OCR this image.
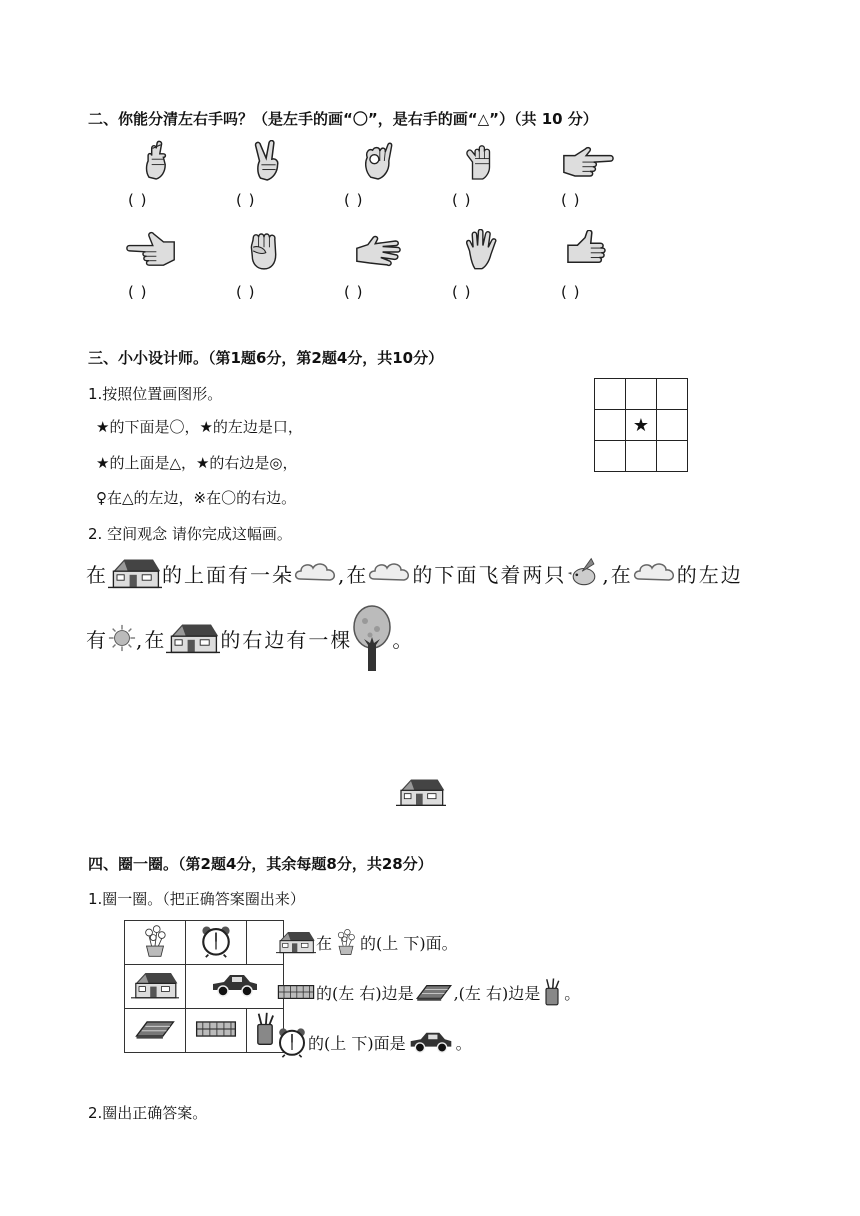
二、你能分清左右手吗？（是左手的画“〇”，是右手的画“△”）（共 10 分）
( )	( )	( )	( )	( )
( )	( )	( )	( )	( )
三、小小设计师。（第1题6分，第2题4分，共10分）
1.按照位置画图形。
★的下面是〇，★的左边是口，
★的上面是△，★的右边是◎，
♀在△的左边，※在〇的右边。

	★	

2. 空间观念 请你完成这幅画。
在	的上面有一朵 ,在 的下面飞着两只 ,在 的左边
有 ,在	的右边有一棵 。
四、圈一圈。（第2题4分，其余每题8分，共28分）
1.圈一圈。（把正确答案圈出来）

在 的(上 下)面。
的(左 右)边是	,(左 右)边是 。
的(上 下)面是	。
2.圈出正确答案。
